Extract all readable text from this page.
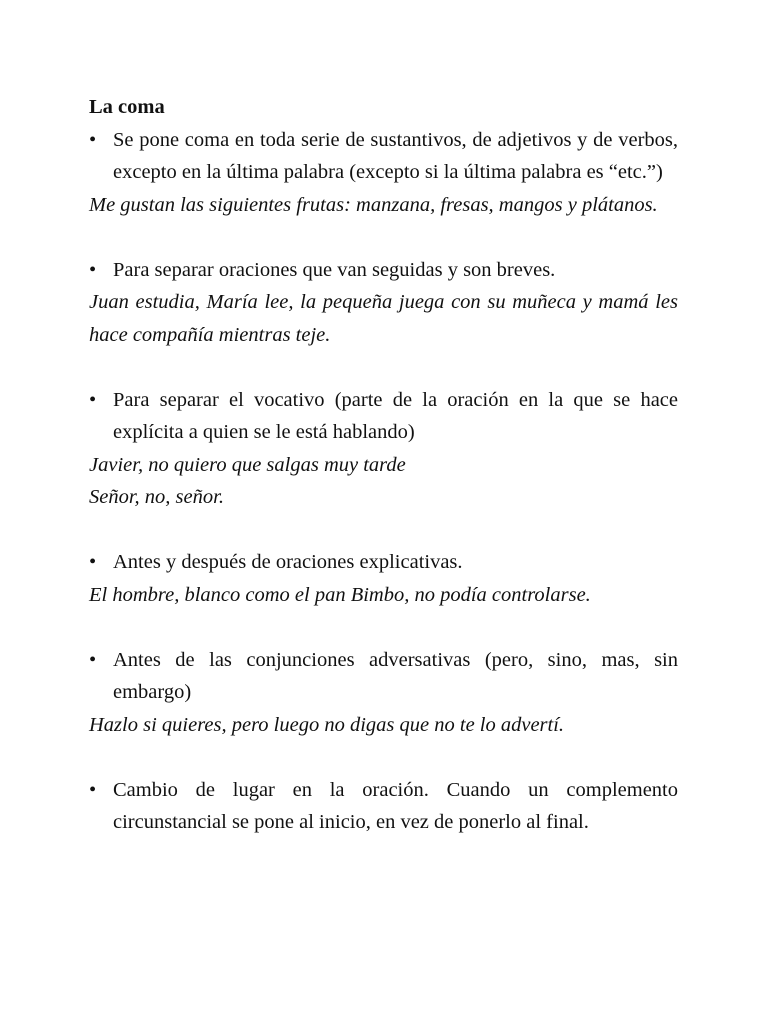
La coma

• Se pone coma en toda serie de sustantivos, de adjetivos y de verbos, excepto en la última palabra (excepto si la última palabra es “etc.”)

Me gustan las siguientes frutas: manzana, fresas, mangos y plátanos.

• Para separar oraciones que van seguidas y son breves.

Juan estudia, María lee, la pequeña juega con su muñeca y mamá les hace compañía mientras teje.

• Para separar el vocativo (parte de la oración en la que se hace explícita a quien se le está hablando)

Javier, no quiero que salgas muy tarde

Señor, no, señor.

• Antes y después de oraciones explicativas.

El hombre, blanco como el pan Bimbo, no podía controlarse.

• Antes de las conjunciones adversativas (pero, sino, mas, sin embargo)

Hazlo si quieres, pero luego no digas que no te lo advertí.

• Cambio de lugar en la oración. Cuando un complemento circunstancial se pone al inicio, en vez de ponerlo al final.
